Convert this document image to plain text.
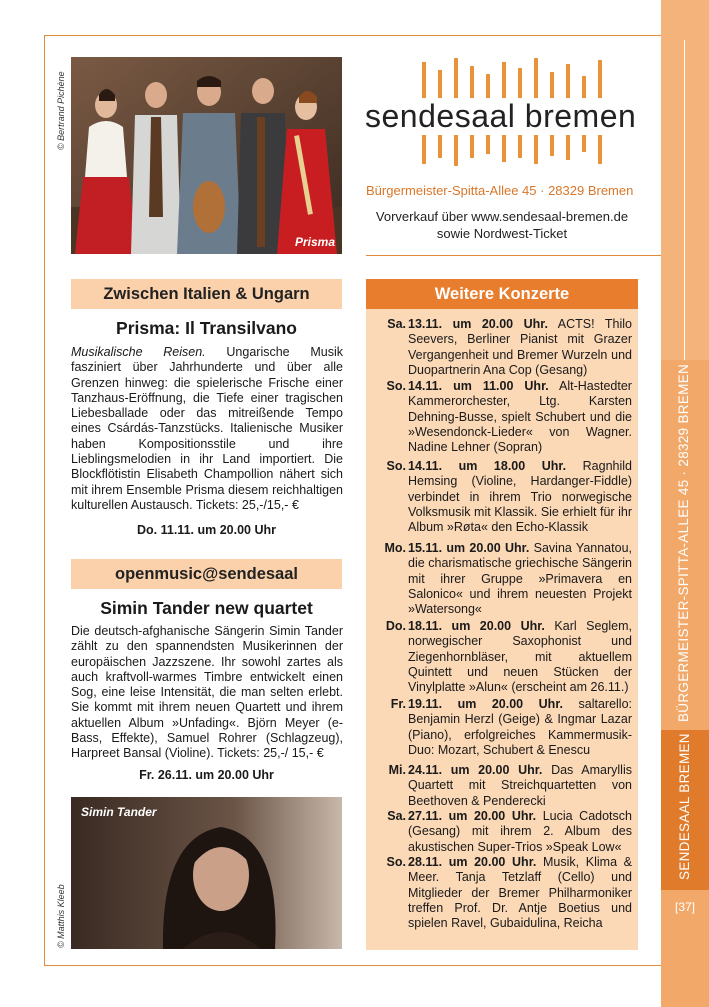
BÜRGERMEISTER-SPITTA-ALLEE 45 · 28329 BREMEN
SENDESAAL BREMEN
[37]
© Bertrand Pichène
Prisma
sendesaal bremen
Bürgermeister-Spitta-Allee 45 · 28329 Bremen
Vorverkauf über www.sendesaal-bremen.de
sowie Nordwest-Ticket
Zwischen Italien & Ungarn
Prisma: Il Transilvano
Musikalische Reisen. Ungarische Musik fasziniert über Jahrhunderte und über alle Grenzen hinweg: die spielerische Frische einer Tanzhaus-Eröffnung, die Tiefe einer tragischen Liebesballade oder das mitreißende Tempo eines Csárdás-Tanzstücks. Italienische Musiker haben Kompositionsstile und ihre Lieblingsmelodien in ihr Land importiert. Die Blockflötistin Elisabeth Champollion nähert sich mit ihrem Ensemble Prisma diesem reichhaltigen kulturellen Austausch. Tickets: 25,-/15,- €
Do. 11.11. um 20.00 Uhr
openmusic@sendesaal
Simin Tander new quartet
Die deutsch-afghanische Sängerin Simin Tander zählt zu den spannendsten Musikerinnen der europäischen Jazzszene. Ihr sowohl zartes als auch kraftvoll-warmes Timbre entwickelt einen Sog, eine leise Intensität, die man selten erlebt. Sie kommt mit ihrem neuen Quartett und ihrem aktuellen Album »Unfading«. Björn Meyer (e-Bass, Effekte), Samuel Rohrer (Schlagzeug), Harpreet Bansal (Violine). Tickets: 25,-/ 15,- €
Fr. 26.11. um 20.00 Uhr
© Matthis Kleeb
Simin Tander
Weitere Konzerte
Sa. 13.11. um 20.00 Uhr. ACTS! Thilo Seevers, Berliner Pianist mit Grazer Vergangenheit und Bremer Wurzeln und Duopartnerin Ana Cop (Gesang)
So. 14.11. um 11.00 Uhr. Alt-Hastedter Kammerorchester, Ltg. Karsten Dehning-Busse, spielt Schubert und die »Wesendonck-Lieder« von Wagner. Nadine Lehner (Sopran)
So. 14.11. um 18.00 Uhr. Ragnhild Hemsing (Violine, Hardanger-Fiddle) verbindet in ihrem Trio norwegische Volksmusik mit Klassik. Sie erhielt für ihr Album »Røta« den Echo-Klassik
Mo. 15.11. um 20.00 Uhr. Savina Yannatou, die charismatische griechische Sängerin mit ihrer Gruppe »Primavera en Salonico« und ihrem neuesten Projekt »Watersong«
Do. 18.11. um 20.00 Uhr. Karl Seglem, norwegischer Saxophonist und Ziegenhornbläser, mit aktuellem Quintett und neuen Stücken der Vinylplatte »Alun« (erscheint am 26.11.)
Fr. 19.11. um 20.00 Uhr. saltarello: Benjamin Herzl (Geige) & Ingmar Lazar (Piano), erfolgreiches Kammermusik-Duo: Mozart, Schubert & Enescu
Mi. 24.11. um 20.00 Uhr. Das Amaryllis Quartett mit Streichquartetten von Beethoven & Penderecki
Sa. 27.11. um 20.00 Uhr. Lucia Cadotsch (Gesang) mit ihrem 2. Album des akustischen Super-Trios »Speak Low«
So. 28.11. um 20.00 Uhr. Musik, Klima & Meer. Tanja Tetzlaff (Cello) und Mitglieder der Bremer Philharmoniker treffen Prof. Dr. Antje Boetius und spielen Ravel, Gubaidulina, Reicha
